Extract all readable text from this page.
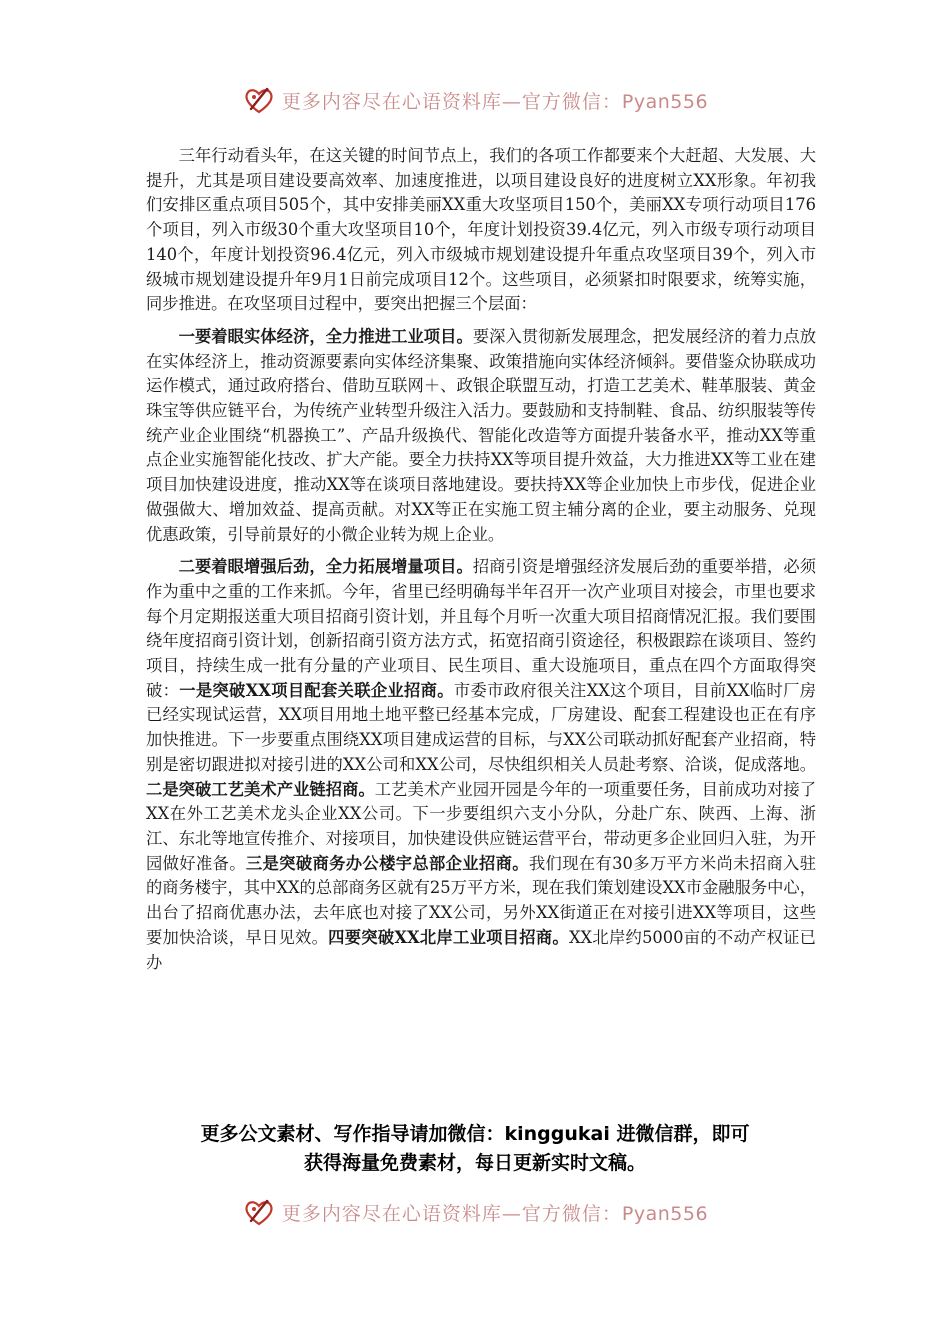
更多内容尽在心语资料库—官方微信：Pyan556

三年行动看头年，在这关键的时间节点上，我们的各项工作都要来个大赶超、大发展、大提升，尤其是项目建设要高效率、加速度推进，以项目建设良好的进度树立XX形象。年初我们安排区重点项目505个，其中安排美丽XX重大攻坚项目150个，美丽XX专项行动项目176个项目，列入市级30个重大攻坚项目10个，年度计划投资39.4亿元，列入市级专项行动项目140个，年度计划投资96.4亿元，列入市级城市规划建设提升年重点攻坚项目39个，列入市级城市规划建设提升年9月1日前完成项目12个。这些项目，必须紧扣时限要求，统筹实施，同步推进。在攻坚项目过程中，要突出把握三个层面：

一要着眼实体经济，全力推进工业项目。要深入贯彻新发展理念，把发展经济的着力点放在实体经济上，推动资源要素向实体经济集聚、政策措施向实体经济倾斜。要借鉴众协联成功运作模式，通过政府搭台、借助互联网＋、政银企联盟互动，打造工艺美术、鞋革服装、黄金珠宝等供应链平台，为传统产业转型升级注入活力。要鼓励和支持制鞋、食品、纺织服装等传统产业企业围绕“机器换工”、产品升级换代、智能化改造等方面提升装备水平，推动XX等重点企业实施智能化技改、扩大产能。要全力扶持XX等项目提升效益，大力推进XX等工业在建项目加快建设进度，推动XX等在谈项目落地建设。要扶持XX等企业加快上市步伐，促进企业做强做大、增加效益、提高贡献。对XX等正在实施工贸主辅分离的企业，要主动服务、兑现优惠政策，引导前景好的小微企业转为规上企业。

二要着眼增强后劲，全力拓展增量项目。招商引资是增强经济发展后劲的重要举措，必须作为重中之重的工作来抓。今年，省里已经明确每半年召开一次产业项目对接会，市里也要求每个月定期报送重大项目招商引资计划，并且每个月听一次重大项目招商情况汇报。我们要围绕年度招商引资计划，创新招商引资方法方式，拓宽招商引资途径，积极跟踪在谈项目、签约项目，持续生成一批有分量的产业项目、民生项目、重大设施项目，重点在四个方面取得突破：一是突破XX项目配套关联企业招商。市委市政府很关注XX这个项目，目前XX临时厂房已经实现试运营，XX项目用地土地平整已经基本完成，厂房建设、配套工程建设也正在有序加快推进。下一步要重点围绕XX项目建成运营的目标，与XX公司联动抓好配套产业招商，特别是密切跟进拟对接引进的XX公司和XX公司，尽快组织相关人员赴考察、洽谈，促成落地。二是突破工艺美术产业链招商。工艺美术产业园开园是今年的一项重要任务，目前成功对接了XX在外工艺美术龙头企业XX公司。下一步要组织六支小分队，分赴广东、陕西、上海、浙江、东北等地宣传推介、对接项目，加快建设供应链运营平台，带动更多企业回归入驻，为开园做好准备。三是突破商务办公楼宇总部企业招商。我们现在有30多万平方米尚未招商入驻的商务楼宇，其中XX的总部商务区就有25万平方米，现在我们策划建设XX市金融服务中心，出台了招商优惠办法，去年底也对接了XX公司，另外XX街道正在对接引进XX等项目，这些要加快洽谈，早日见效。四要突破XX北岸工业项目招商。XX北岸约5000亩的不动产权证已办

更多公文素材、写作指导请加微信：kinggukai 进微信群，即可
获得海量免费素材，每日更新实时文稿。
更多内容尽在心语资料库—官方微信：Pyan556
